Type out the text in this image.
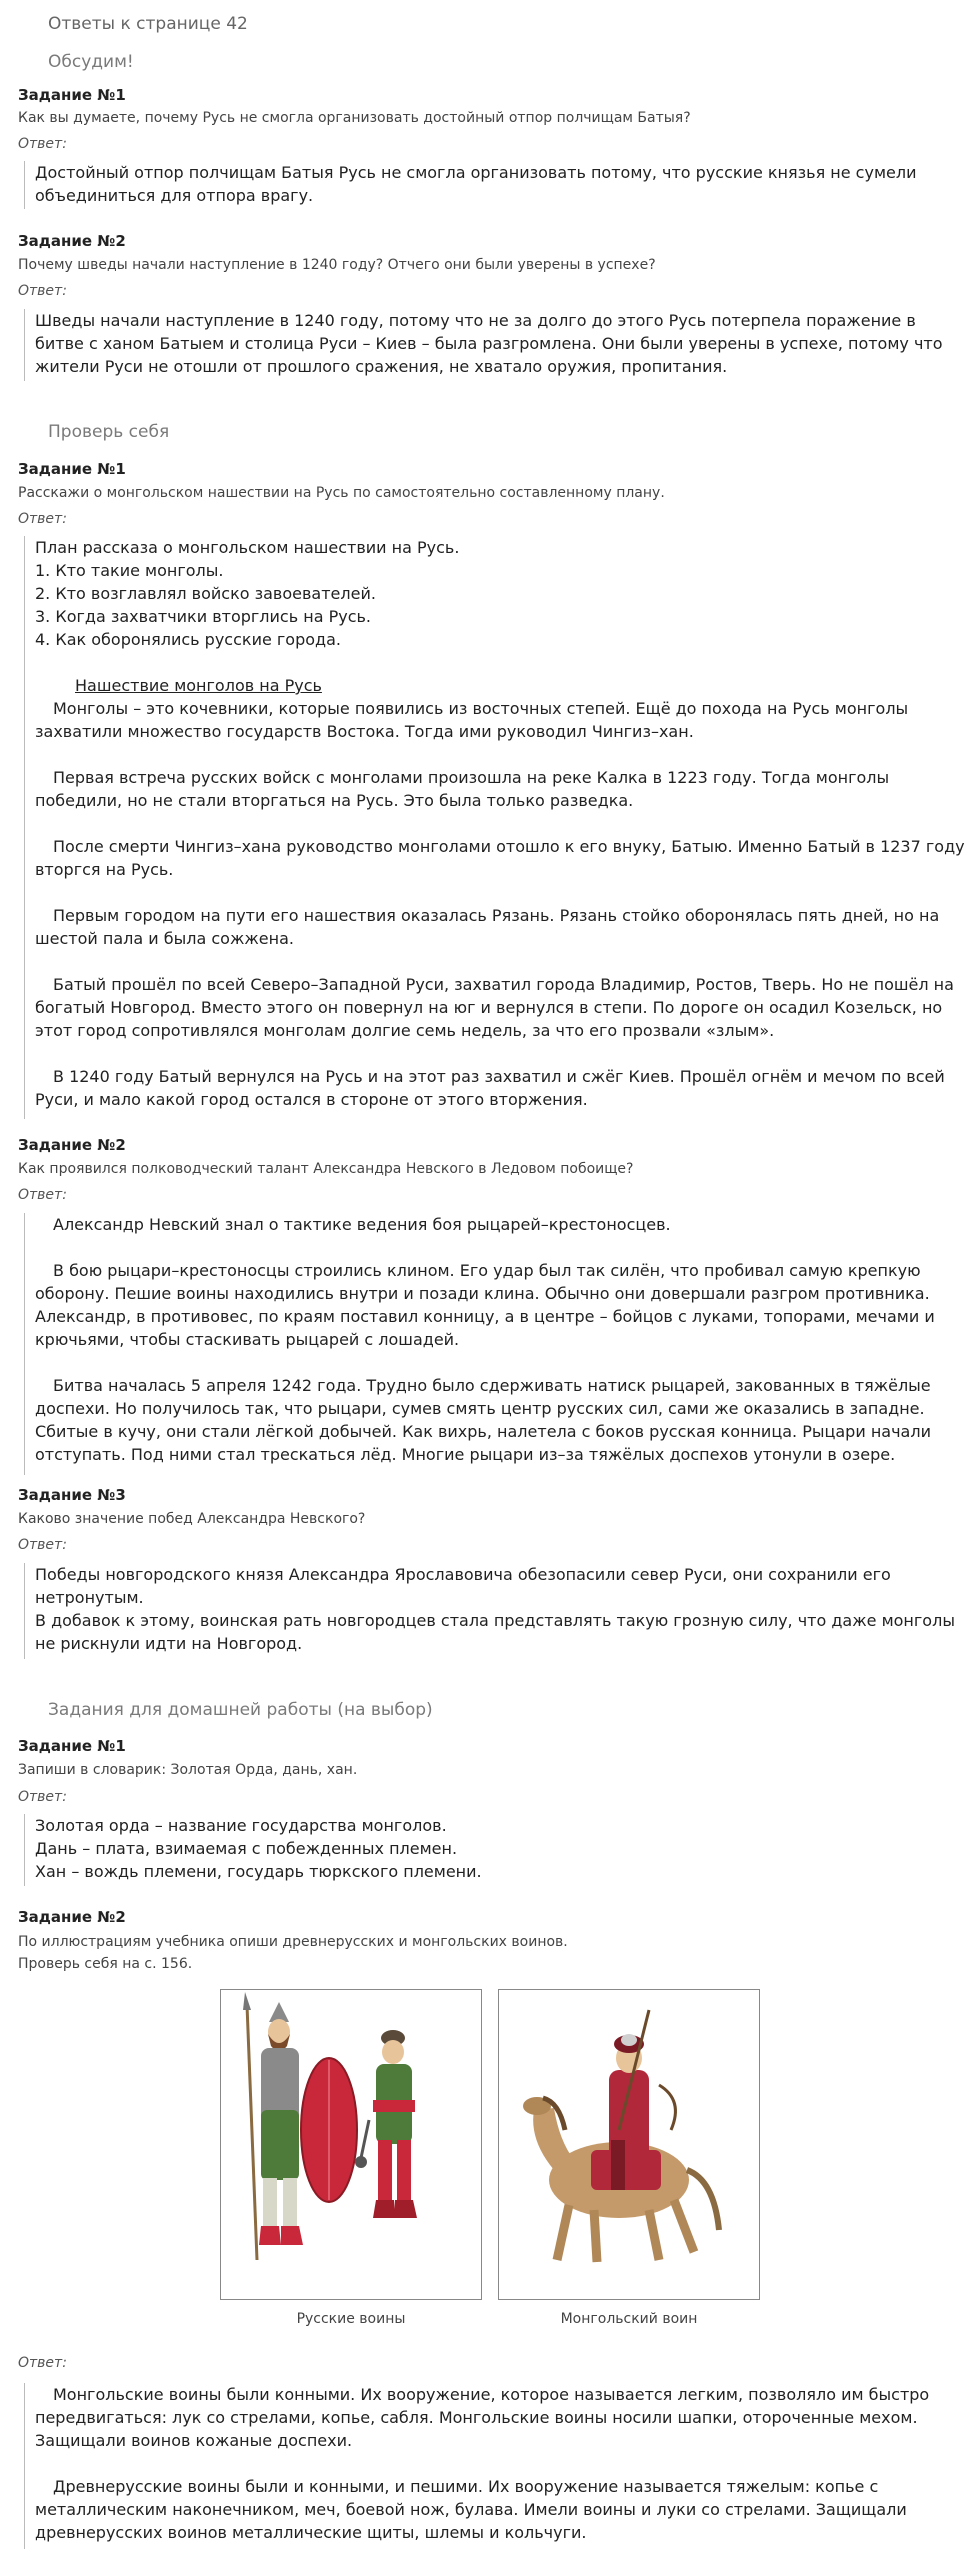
Ответы к странице 42
Обсудим!
Задание №1
Как вы думаете, почему Русь не смогла организовать достойный отпор полчищам Батыя?
Ответ:

Достойный отпор полчищам Батыя Русь не смогла организовать потому, что русские князья не сумели объединиться для отпора врагу.

Задание №2
Почему шведы начали наступление в 1240 году? Отчего они были уверены в успехе?
Ответ:

Шведы начали наступление в 1240 году, потому что не за долго до этого Русь потерпела поражение в битве с ханом Батыем и столица Руси – Киев – была разгромлена. Они были уверены в успехе, потому что жители Руси не отошли от прошлого сражения, не хватало оружия, пропитания.

Проверь себя
Задание №1
Расскажи о монгольском нашествии на Русь по самостоятельно составленному плану.
Ответ:

План рассказа о монгольском нашествии на Русь.

1. Кто такие монголы.

2. Кто возглавлял войско завоевателей.

3. Когда захватчики вторглись на Русь.

4. Как оборонялись русские города.

Нашествие монголов на Русь

Монголы – это кочевники, которые появились из восточных степей. Ещё до похода на Русь монголы захватили множество государств Востока. Тогда ими руководил Чингиз–хан.

Первая встреча русских войск с монголами произошла на реке Калка в 1223 году. Тогда монголы победили, но не стали вторгаться на Русь. Это была только разведка.

После смерти Чингиз–хана руководство монголами отошло к его внуку, Батыю. Именно Батый в 1237 году вторгся на Русь.

Первым городом на пути его нашествия оказалась Рязань. Рязань стойко оборонялась пять дней, но на шестой пала и была сожжена.

Батый прошёл по всей Северо–Западной Руси, захватил города Владимир, Ростов, Тверь. Но не пошёл на богатый Новгород. Вместо этого он повернул на юг и вернулся в степи. По дороге он осадил Козельск, но этот город сопротивлялся монголам долгие семь недель, за что его прозвали «злым».

В 1240 году Батый вернулся на Русь и на этот раз захватил и сжёг Киев. Прошёл огнём и мечом по всей Руси, и мало какой город остался в стороне от этого вторжения.

Задание №2
Как проявился полководческий талант Александра Невского в Ледовом побоище?
Ответ:

Александр Невский знал о тактике ведения боя рыцарей–крестоносцев.

В бою рыцари–крестоносцы строились клином. Его удар был так силён, что пробивал самую крепкую оборону. Пешие воины находились внутри и позади клина. Обычно они довершали разгром противника. Александр, в противовес, по краям поставил конницу, а в центре – бойцов с луками, топорами, мечами и крючьями, чтобы стаскивать рыцарей с лошадей.

Битва началась 5 апреля 1242 года. Трудно было сдерживать натиск рыцарей, закованных в тяжёлые доспехи. Но получилось так, что рыцари, сумев смять центр русских сил, сами же оказались в западне. Сбитые в кучу, они стали лёгкой добычей. Как вихрь, налетела с боков русская конница. Рыцари начали отступать. Под ними стал трескаться лёд. Многие рыцари из–за тяжёлых доспехов утонули в озере.

Задание №3
Каково значение побед Александра Невского?
Ответ:

Победы новгородского князя Александра Ярославовича обезопасили север Руси, они сохранили его нетронутым.

В добавок к этому, воинская рать новгородцев стала представлять такую грозную силу, что даже монголы не рискнули идти на Новгород.

Задания для домашней работы (на выбор)
Задание №1
Запиши в словарик: Золотая Орда, дань, хан.
Ответ:

Золотая орда – название государства монголов.

Дань – плата, взимаемая с побежденных племен.

Хан – вождь племени, государь тюркского племени.

Задание №2
По иллюстрациям учебника опиши древнерусских и монгольских воинов.
Проверь себя на с. 156.
Русские воины	Монгольский воин
Ответ:

Монгольские воины были конными. Их вооружение, которое называется легким, позволяло им быстро передвигаться: лук со стрелами, копье, сабля. Монгольские воины носили шапки, отороченные мехом. Защищали воинов кожаные доспехи.

Древнерусские воины были и конными, и пешими. Их вооружение называется тяжелым: копье с металлическим наконечником, меч, боевой нож, булава. Имели воины и луки со стрелами. Защищали древнерусских воинов металлические щиты, шлемы и кольчуги.
